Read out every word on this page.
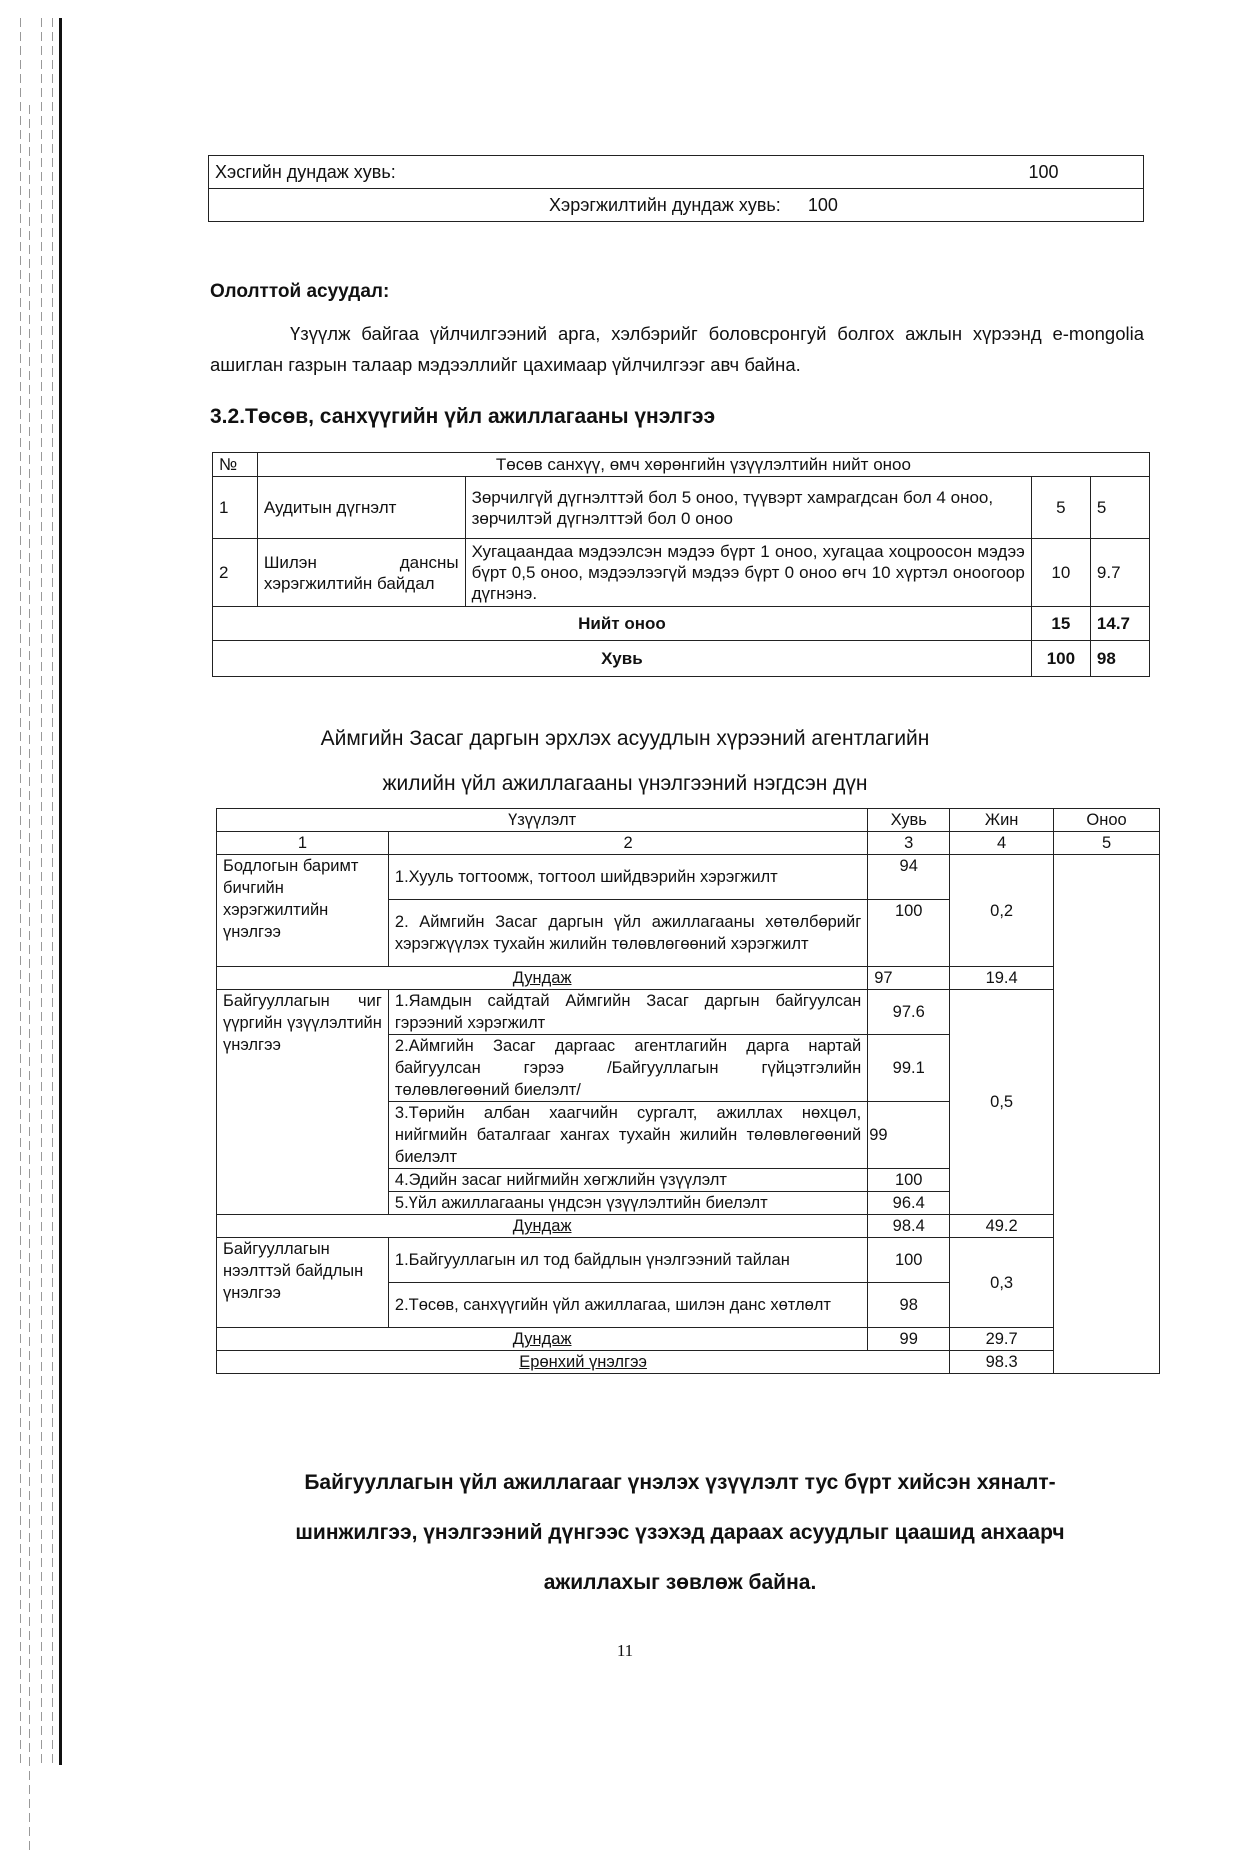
Хэсгийн дундаж хувь:	100

Хэрэгжилтийн дундаж хувь: 100
Ололттой асуудал:
Үзүүлж байгаа үйлчилгээний арга, хэлбэрийг боловсронгуй болгох ажлын хүрээнд e-mongolia ашиглан газрын талаар мэдээллийг цахимаар үйлчилгээг авч байна.
3.2.Төсөв, санхүүгийн үйл ажиллагааны үнэлгээ
№	Төсөв санхүү, өмч хөрөнгийн үзүүлэлтийн нийт оноо			
1	Аудитын дүгнэлт	Зөрчилгүй дүгнэлттэй бол 5 оноо, түүвэрт хамрагдсан бол 4 оноо, зөрчилтэй дүгнэлттэй бол 0 оноо	5	5
2	Шилэн дансны хэрэгжилтийн байдал	Хугацаандаа мэдээлсэн мэдээ бүрт 1 оноо, хугацаа хоцроосон мэдээ бүрт 0,5 оноо, мэдээлээгүй мэдээ бүрт 0 оноо өгч 10 хүртэл оноогоор дүгнэнэ.	10	9.7
Нийт оноо			15	14.7
Хувь			100	98
Аймгийн Засаг даргын эрхлэх асуудлын хүрээний агентлагийн
жилийн үйл ажиллагааны үнэлгээний нэгдсэн дүн
Үзүүлэлт		Хувь	Жин	Оноо
1	2	3	4	5
Бодлогын баримт бичгийн хэрэгжилтийн үнэлгээ	1.Хууль тогтоомж, тогтоол шийдвэрийн хэрэгжилт	94	0,2	
	2. Аймгийн Засаг даргын үйл ажиллагааны хөтөлбөрийг хэрэгжүүлэх тухайн жилийн төлөвлөгөөний хэрэгжилт	100		
Дундаж		97	19.4	
Байгууллагын чиг үүргийн үзүүлэлтийн үнэлгээ	1.Яамдын сайдтай Аймгийн Засаг даргын байгуулсан гэрээний хэрэгжилт	97.6	0,5	
	2.Аймгийн Засаг даргаас агентлагийн дарга нартай байгуулсан гэрээ /Байгууллагын гүйцэтгэлийн төлөвлөгөөний биелэлт/	99.1		
	3.Төрийн албан хаагчийн сургалт, ажиллах нөхцөл, нийгмийн баталгааг хангах тухайн жилийн төлөвлөгөөний биелэлт	99		
	4.Эдийн засаг нийгмийн хөгжлийн үзүүлэлт	100		
	5.Үйл ажиллагааны үндсэн үзүүлэлтийн биелэлт	96.4		
Дундаж		98.4	49.2	
Байгууллагын нээлттэй байдлын үнэлгээ	1.Байгууллагын ил тод байдлын үнэлгээний тайлан	100	0,3	
	2.Төсөв, санхүүгийн үйл ажиллагаа, шилэн данс хөтлөлт	98		
Дундаж		99	29.7	
Ерөнхий үнэлгээ			98.3	
Байгууллагын үйл ажиллагааг үнэлэх үзүүлэлт тус бүрт хийсэн хяналт-
шинжилгээ, үнэлгээний дүнгээс үзэхэд дараах асуудлыг цаашид анхаарч
ажиллахыг зөвлөж байна.
11
